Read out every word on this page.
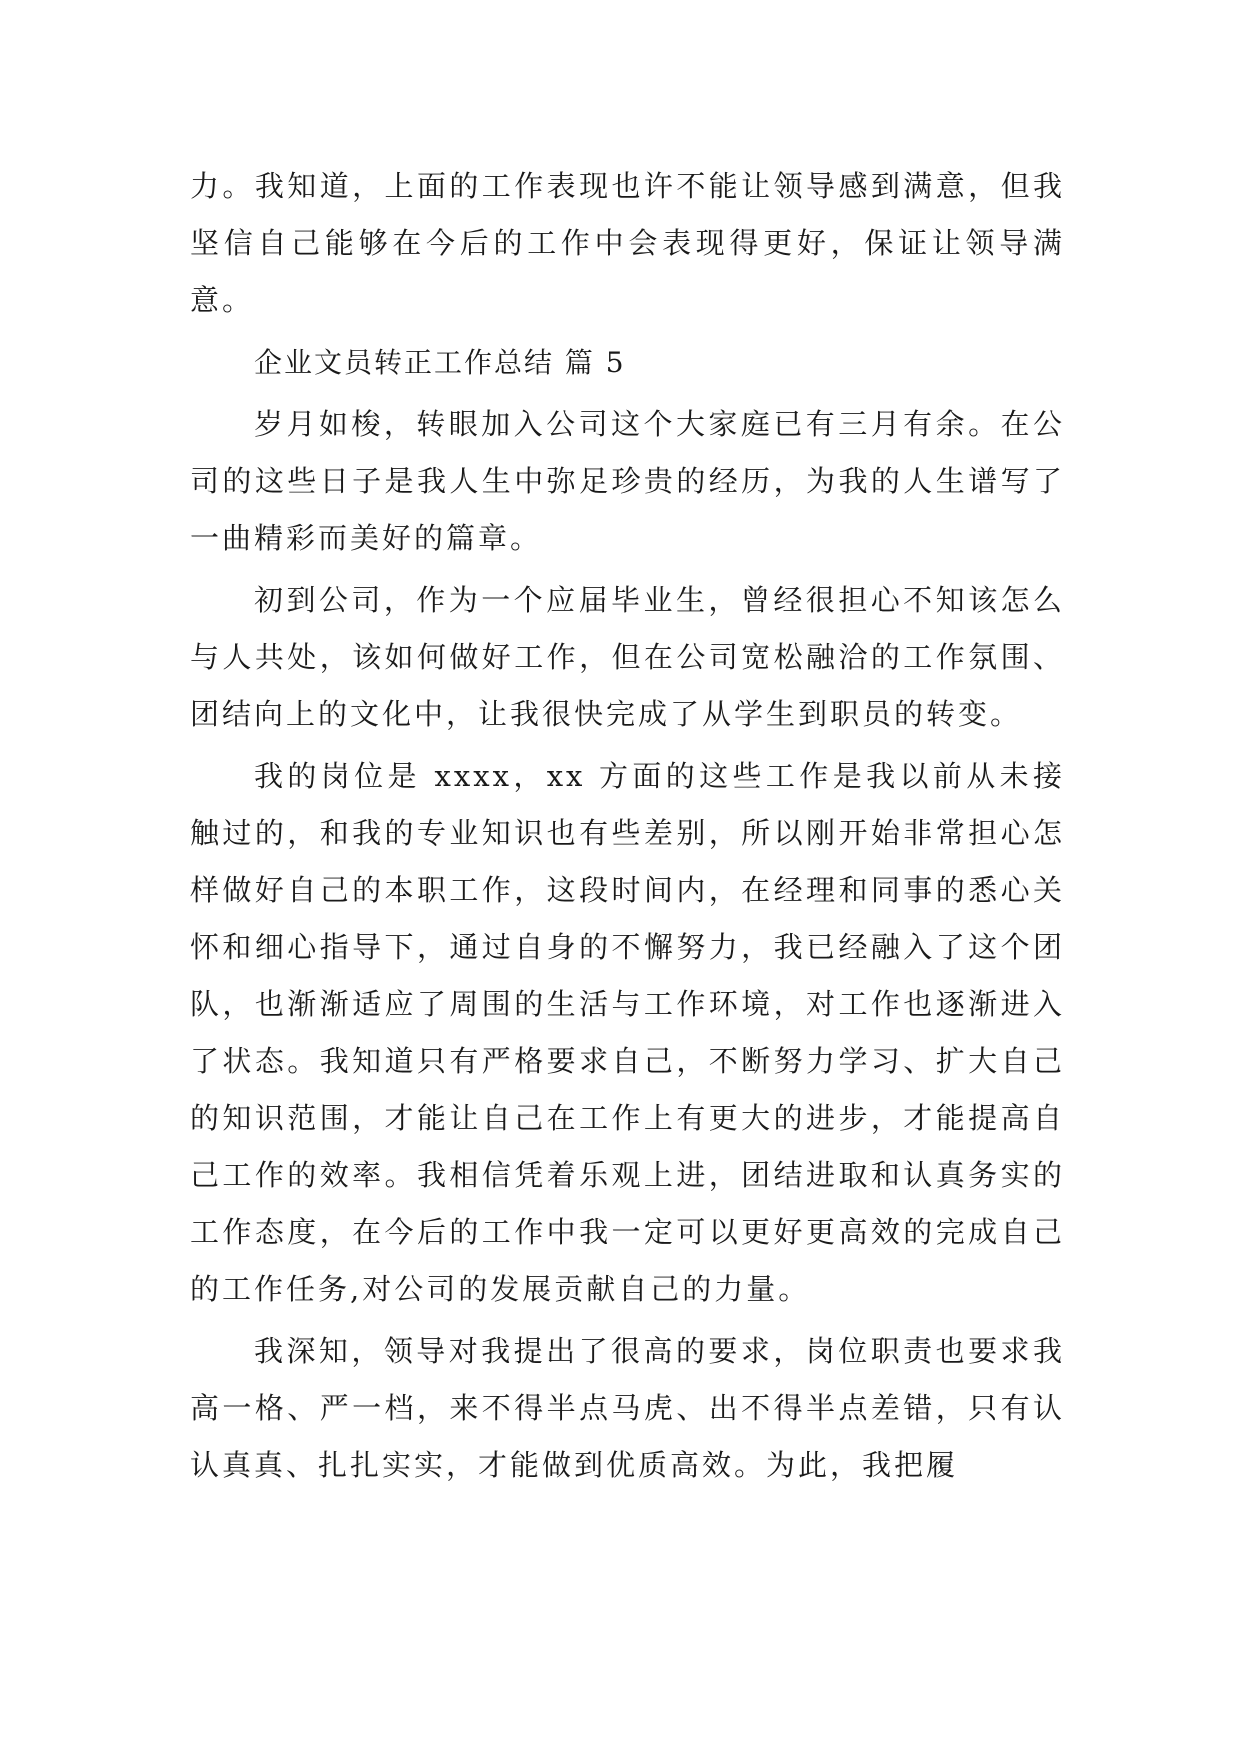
力。我知道，上面的工作表现也许不能让领导感到满意，但我坚信自己能够在今后的工作中会表现得更好，保证让领导满意。

企业文员转正工作总结 篇 5

岁月如梭，转眼加入公司这个大家庭已有三月有余。在公司的这些日子是我人生中弥足珍贵的经历，为我的人生谱写了一曲精彩而美好的篇章。

初到公司，作为一个应届毕业生，曾经很担心不知该怎么与人共处，该如何做好工作，但在公司宽松融洽的工作氛围、团结向上的文化中，让我很快完成了从学生到职员的转变。

我的岗位是 xxxx，xx 方面的这些工作是我以前从未接触过的，和我的专业知识也有些差别，所以刚开始非常担心怎样做好自己的本职工作，这段时间内，在经理和同事的悉心关怀和细心指导下，通过自身的不懈努力，我已经融入了这个团队，也渐渐适应了周围的生活与工作环境，对工作也逐渐进入了状态。我知道只有严格要求自己，不断努力学习、扩大自己的知识范围，才能让自己在工作上有更大的进步，才能提高自己工作的效率。我相信凭着乐观上进，团结进取和认真务实的工作态度，在今后的工作中我一定可以更好更高效的完成自己的工作任务,对公司的发展贡献自己的力量。

我深知，领导对我提出了很高的要求，岗位职责也要求我高一格、严一档，来不得半点马虎、出不得半点差错，只有认认真真、扎扎实实，才能做到优质高效。为此，我把履
